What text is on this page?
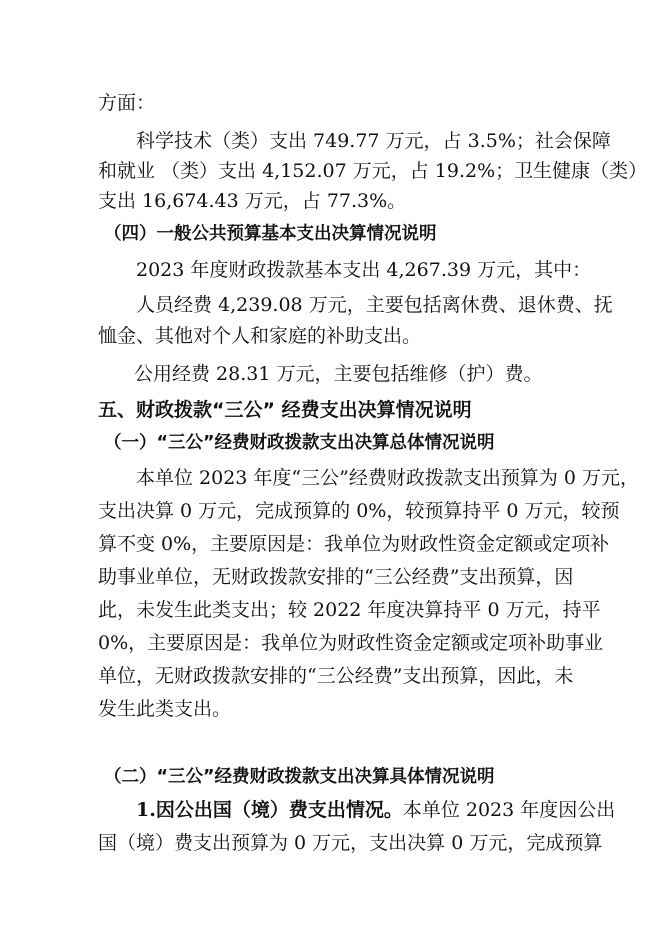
方面：
科学技术（类）支出 749.77 万元，占 3.5%；社会保障
和就业 （类）支出 4,152.07 万元，占 19.2%；卫生健康（类）
支出 16,674.43 万元，占 77.3%。
（四）一般公共预算基本支出决算情况说明
2023 年度财政拨款基本支出 4,267.39 万元，其中：
人员经费 4,239.08 万元，主要包括离休费、退休费、抚
恤金、其他对个人和家庭的补助支出。
公用经费 28.31 万元，主要包括维修（护）费。
五、财政拨款“三公” 经费支出决算情况说明
（一）“三公”经费财政拨款支出决算总体情况说明
本单位 2023 年度“三公”经费财政拨款支出预算为 0 万元，
支出决算 0 万元，完成预算的 0%，较预算持平 0 万元，较预
算不变 0%，主要原因是：我单位为财政性资金定额或定项补
助事业单位，无财政拨款安排的“三公经费”支出预算，因
此，未发生此类支出；较 2022 年度决算持平 0 万元，持平
0%，主要原因是：我单位为财政性资金定额或定项补助事业
单位，无财政拨款安排的“三公经费”支出预算，因此，未
发生此类支出。
（二）“三公”经费财政拨款支出决算具体情况说明
1.因公出国（境）费支出情况。本单位 2023 年度因公出
国（境）费支出预算为 0 万元，支出决算 0 万元，完成预算
